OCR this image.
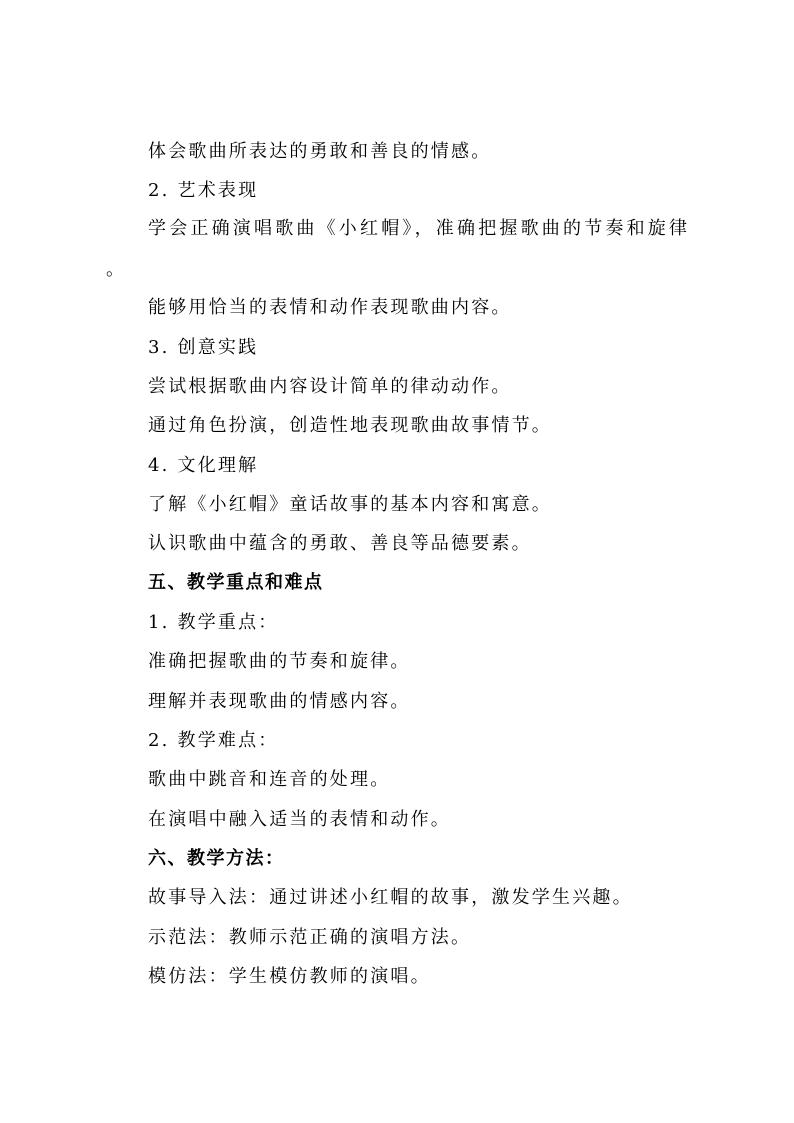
体会歌曲所表达的勇敢和善良的情感。
2. 艺术表现
学会正确演唱歌曲《小红帽》，准确把握歌曲的节奏和旋律
。
能够用恰当的表情和动作表现歌曲内容。
3. 创意实践
尝试根据歌曲内容设计简单的律动动作。
通过角色扮演，创造性地表现歌曲故事情节。
4. 文化理解
了解《小红帽》童话故事的基本内容和寓意。
认识歌曲中蕴含的勇敢、善良等品德要素。
五、教学重点和难点
1. 教学重点：
准确把握歌曲的节奏和旋律。
理解并表现歌曲的情感内容。
2. 教学难点：
歌曲中跳音和连音的处理。
在演唱中融入适当的表情和动作。
六、教学方法：
故事导入法：通过讲述小红帽的故事，激发学生兴趣。
示范法：教师示范正确的演唱方法。
模仿法：学生模仿教师的演唱。
